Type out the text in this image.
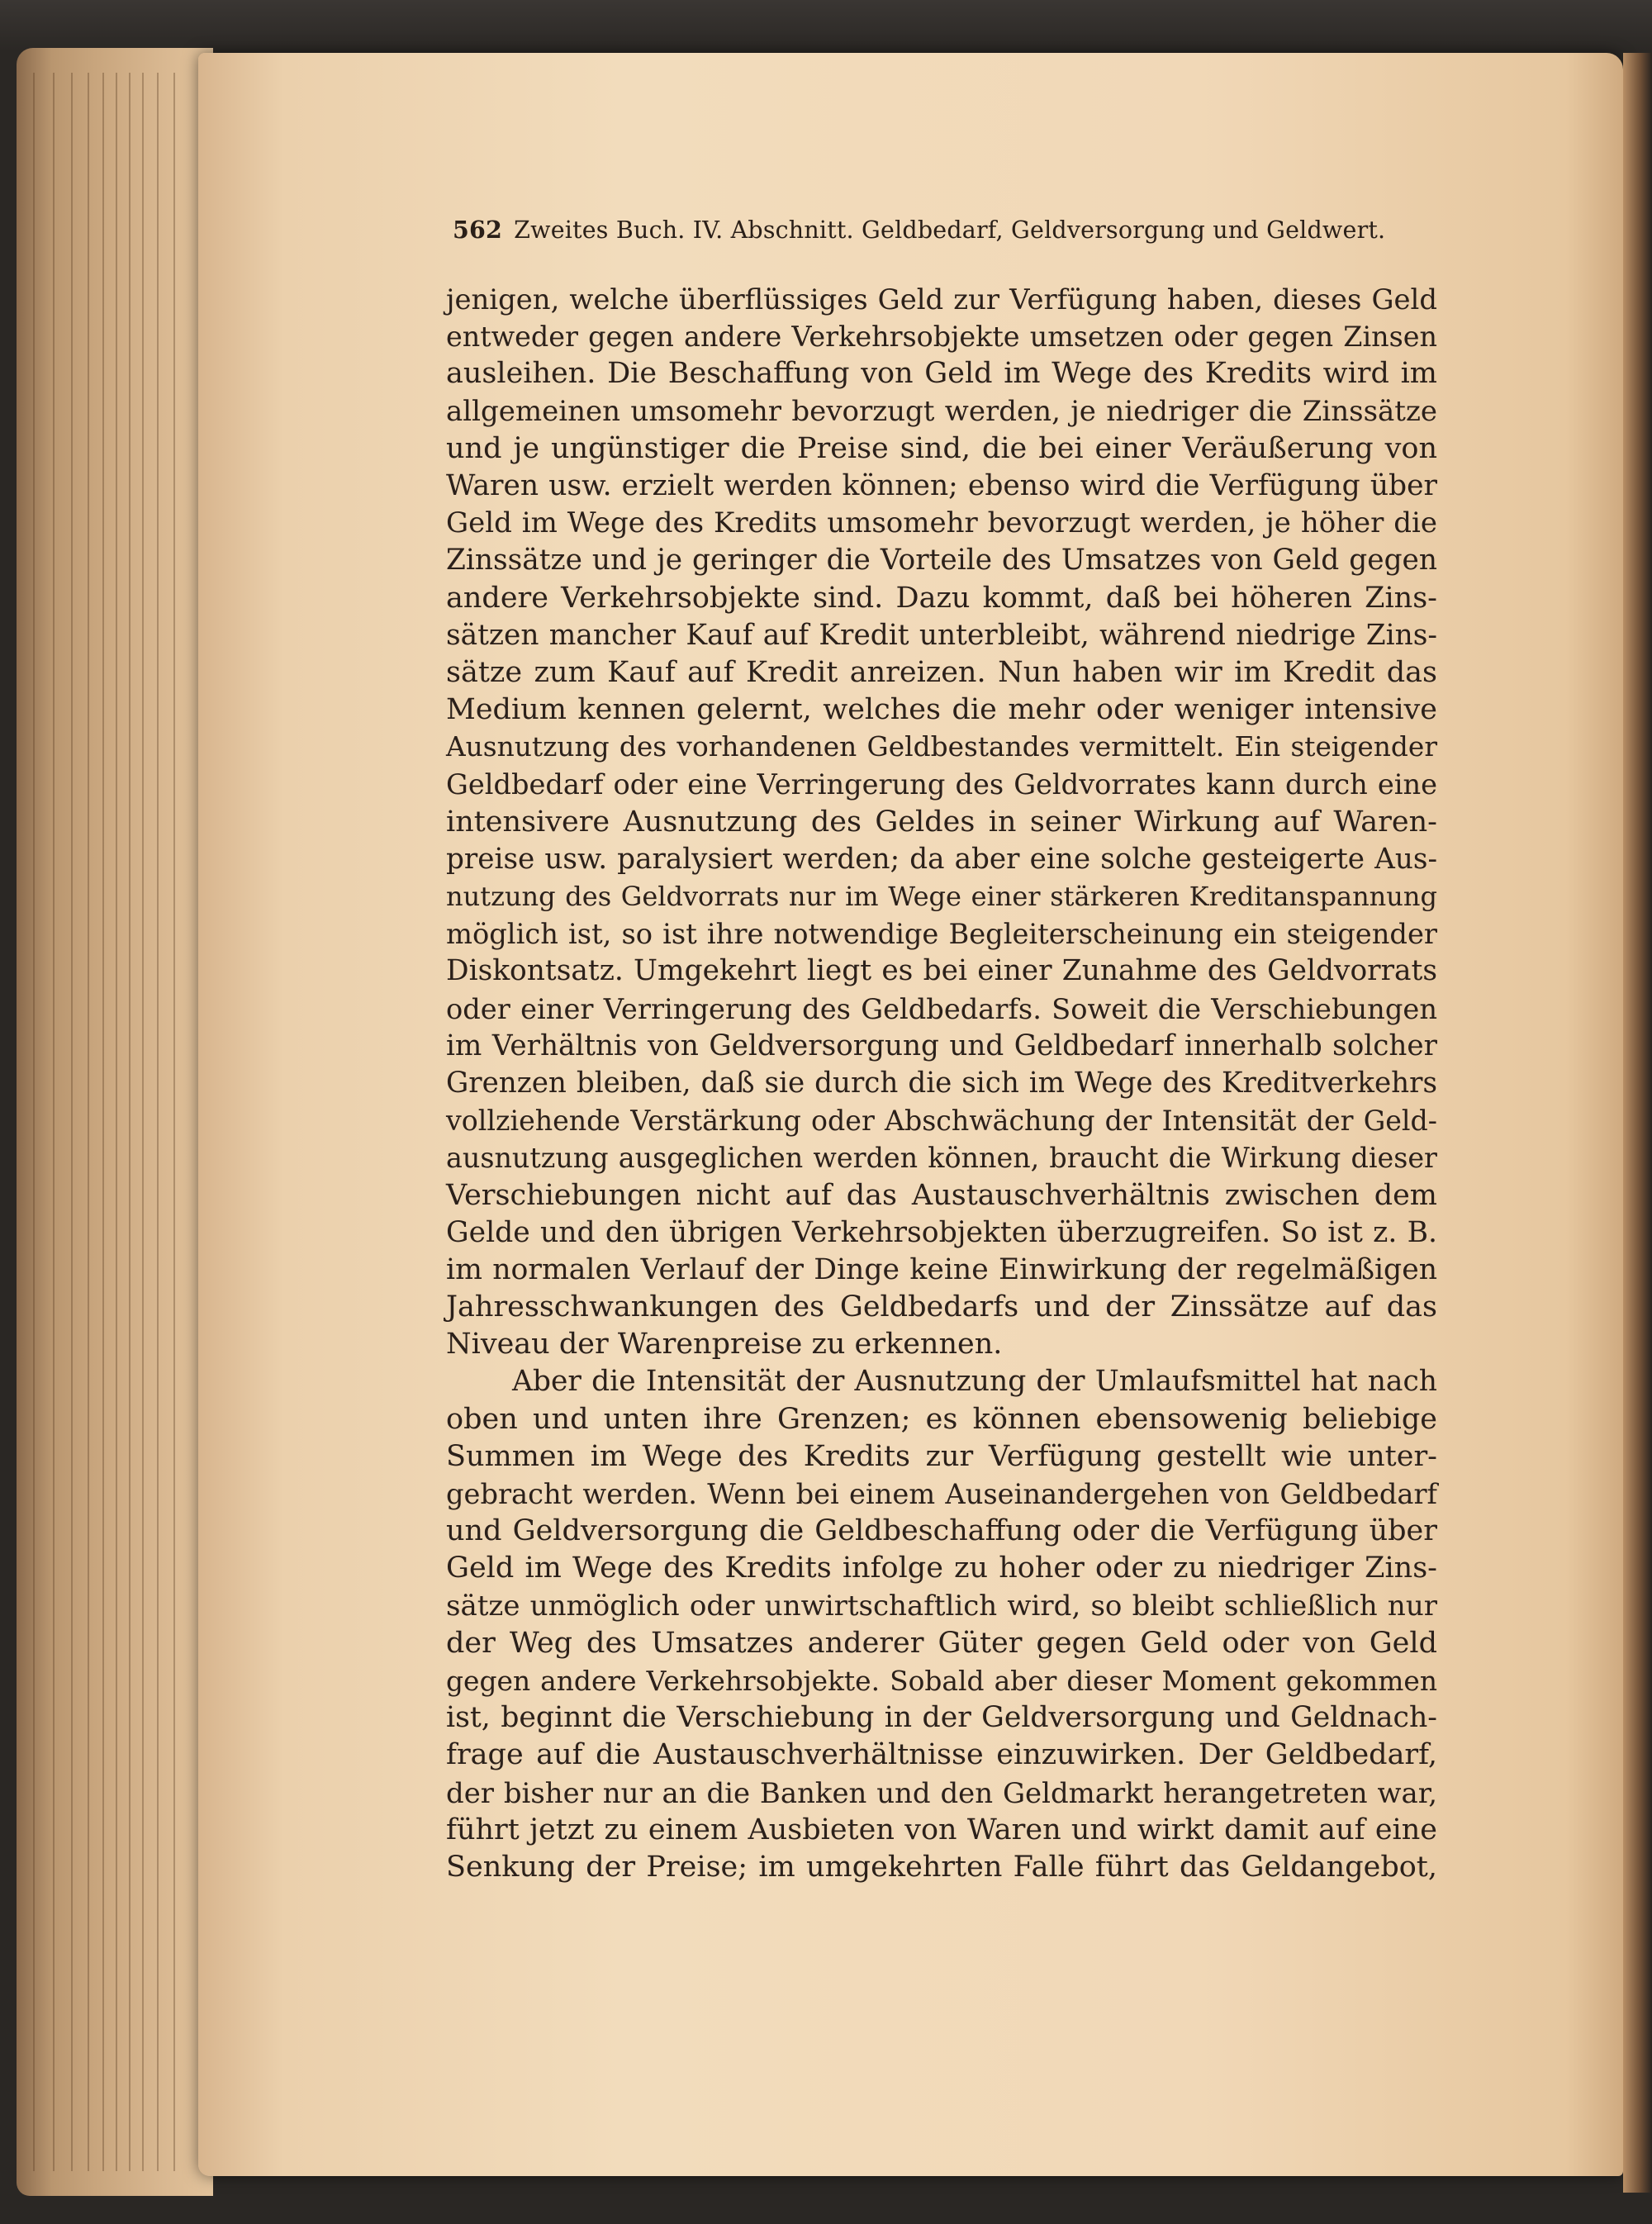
562 Zweites Buch. IV. Abschnitt. Geldbedarf, Geldversorgung und Geldwert.
jenigen, welche überflüssiges Geld zur Verfügung haben, dieses Geld
entweder gegen andere Verkehrsobjekte umsetzen oder gegen Zinsen
ausleihen. Die Beschaffung von Geld im Wege des Kredits wird im
allgemeinen umsomehr bevorzugt werden, je niedriger die Zinssätze
und je ungünstiger die Preise sind, die bei einer Veräußerung von
Waren usw. erzielt werden können; ebenso wird die Verfügung über
Geld im Wege des Kredits umsomehr bevorzugt werden, je höher die
Zinssätze und je geringer die Vorteile des Umsatzes von Geld gegen
andere Verkehrsobjekte sind. Dazu kommt, daß bei höheren Zins-
sätzen mancher Kauf auf Kredit unterbleibt, während niedrige Zins-
sätze zum Kauf auf Kredit anreizen. Nun haben wir im Kredit das
Medium kennen gelernt, welches die mehr oder weniger intensive
Ausnutzung des vorhandenen Geldbestandes vermittelt. Ein steigender
Geldbedarf oder eine Verringerung des Geldvorrates kann durch eine
intensivere Ausnutzung des Geldes in seiner Wirkung auf Waren-
preise usw. paralysiert werden; da aber eine solche gesteigerte Aus-
nutzung des Geldvorrats nur im Wege einer stärkeren Kreditanspannung
möglich ist, so ist ihre notwendige Begleiterscheinung ein steigender
Diskontsatz. Umgekehrt liegt es bei einer Zunahme des Geldvorrats
oder einer Verringerung des Geldbedarfs. Soweit die Verschiebungen
im Verhältnis von Geldversorgung und Geldbedarf innerhalb solcher
Grenzen bleiben, daß sie durch die sich im Wege des Kreditverkehrs
vollziehende Verstärkung oder Abschwächung der Intensität der Geld-
ausnutzung ausgeglichen werden können, braucht die Wirkung dieser
Verschiebungen nicht auf das Austauschverhältnis zwischen dem
Gelde und den übrigen Verkehrsobjekten überzugreifen. So ist z. B.
im normalen Verlauf der Dinge keine Einwirkung der regelmäßigen
Jahresschwankungen des Geldbedarfs und der Zinssätze auf das
Niveau der Warenpreise zu erkennen.
Aber die Intensität der Ausnutzung der Umlaufsmittel hat nach
oben und unten ihre Grenzen; es können ebensowenig beliebige
Summen im Wege des Kredits zur Verfügung gestellt wie unter-
gebracht werden. Wenn bei einem Auseinandergehen von Geldbedarf
und Geldversorgung die Geldbeschaffung oder die Verfügung über
Geld im Wege des Kredits infolge zu hoher oder zu niedriger Zins-
sätze unmöglich oder unwirtschaftlich wird, so bleibt schließlich nur
der Weg des Umsatzes anderer Güter gegen Geld oder von Geld
gegen andere Verkehrsobjekte. Sobald aber dieser Moment gekommen
ist, beginnt die Verschiebung in der Geldversorgung und Geldnach-
frage auf die Austauschverhältnisse einzuwirken. Der Geldbedarf,
der bisher nur an die Banken und den Geldmarkt herangetreten war,
führt jetzt zu einem Ausbieten von Waren und wirkt damit auf eine
Senkung der Preise; im umgekehrten Falle führt das Geldangebot,
